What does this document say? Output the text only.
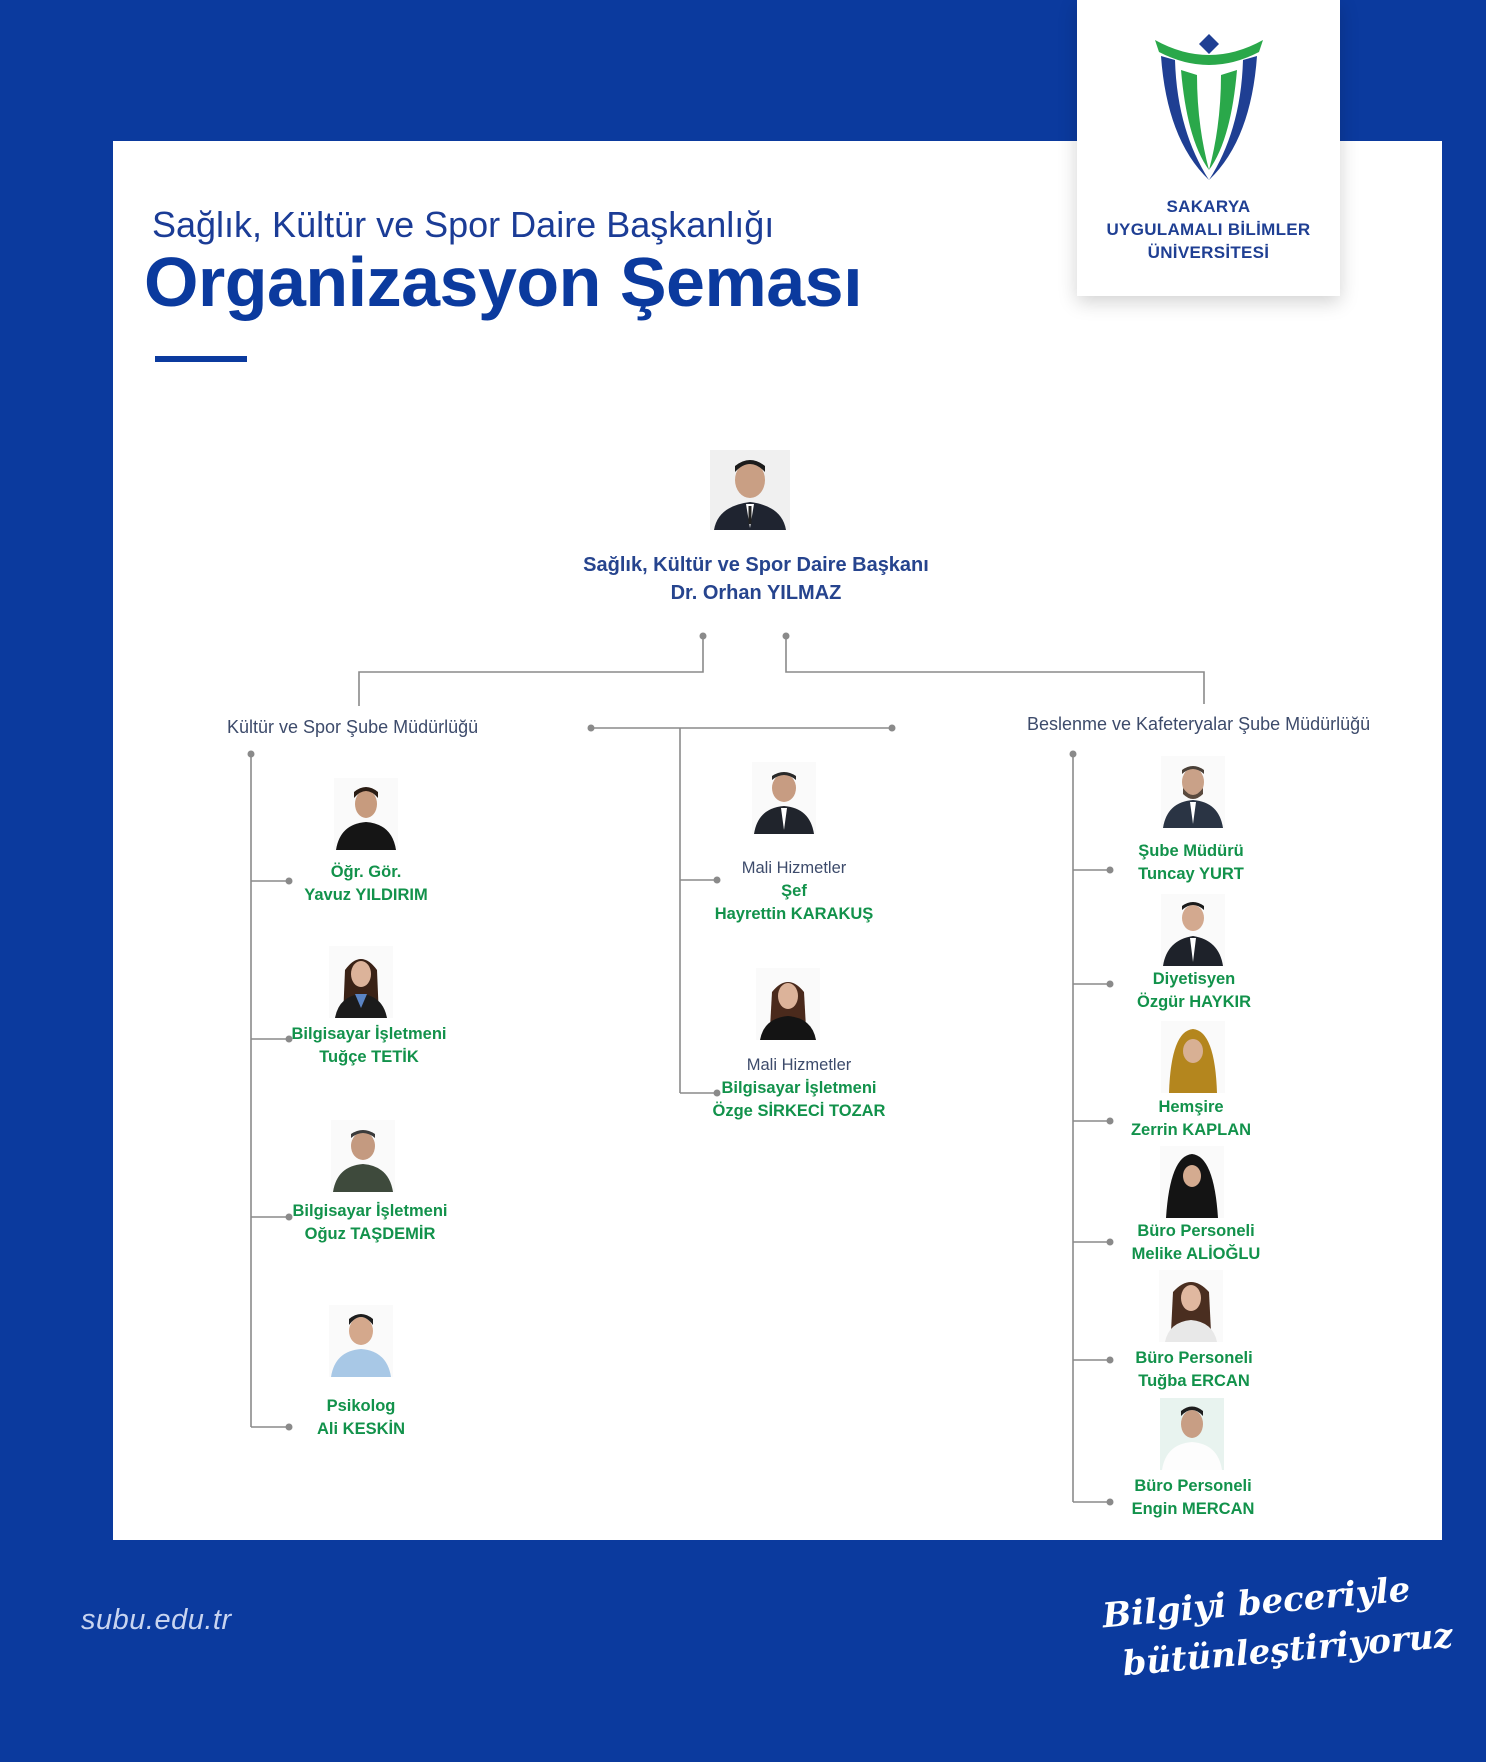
SAKARYA
UYGULAMALI BİLİMLER
ÜNİVERSİTESİ
Sağlık, Kültür ve Spor Daire Başkanlığı
Organizasyon Şeması
Sağlık, Kültür ve Spor Daire Başkanı
Dr. Orhan YILMAZ
Kültür ve Spor Şube Müdürlüğü	Beslenme ve Kafeteryalar Şube Müdürlüğü
Öğr. Gör.
Yavuz YILDIRIM
Bilgisayar İşletmeni
Tuğçe TETİK
Bilgisayar İşletmeni
Oğuz TAŞDEMİR
Psikolog
Ali KESKİN
Mali Hizmetler
Şef
Hayrettin KARAKUŞ
Mali Hizmetler
Bilgisayar İşletmeni
Özge SİRKECİ TOZAR
Şube Müdürü
Tuncay YURT
Diyetisyen
Özgür HAYKIR
Hemşire
Zerrin KAPLAN
Büro Personeli
Melike ALİOĞLU
Büro Personeli
Tuğba ERCAN
Büro Personeli
Engin MERCAN
subu.edu.tr	Bilgiyi beceriyle
bütünleştiriyoruz
